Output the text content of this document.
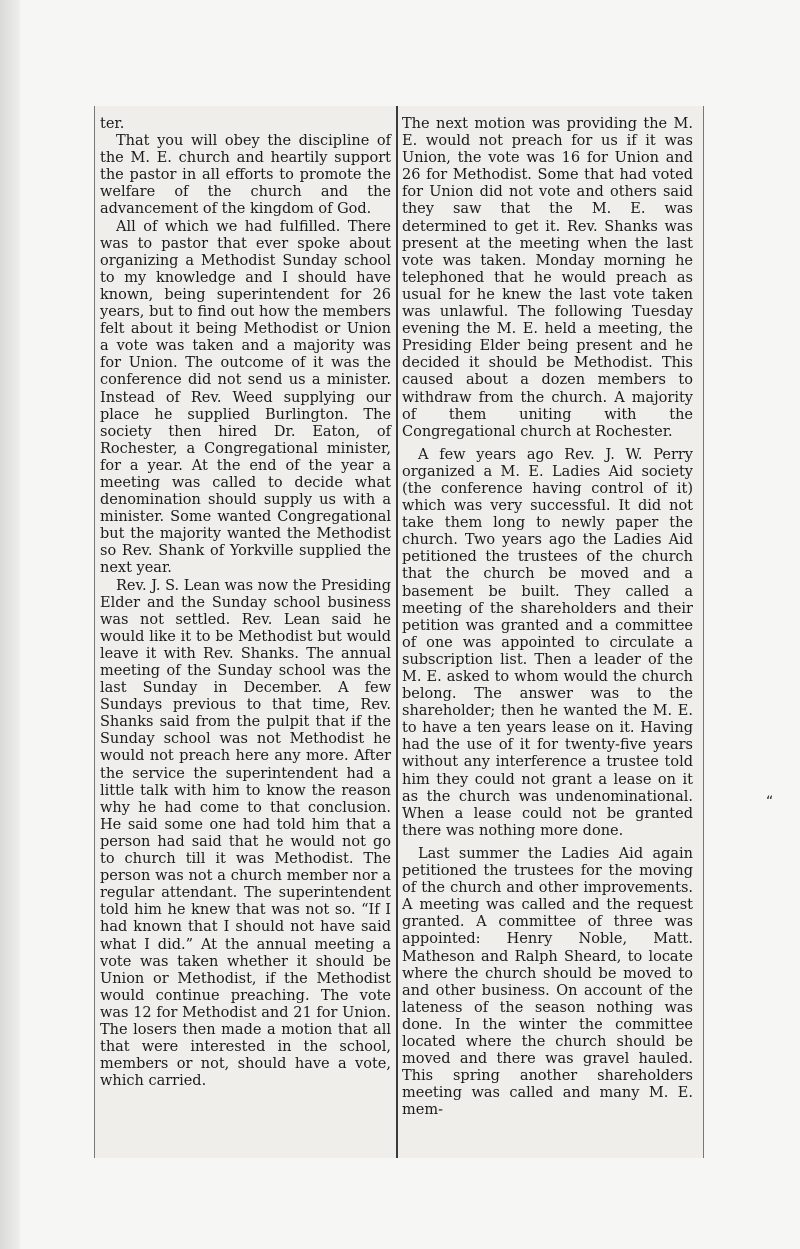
ter.

That you will obey the discipline of the M. E. church and heartily support the pastor in all efforts to promote the welfare of the church and the advancement of the kingdom of God.

All of which we had fulfilled. There was to pastor that ever spoke about organizing a Methodist Sunday school to my knowledge and I should have known, being superintendent for 26 years, but to find out how the members felt about it being Methodist or Union a vote was taken and a majority was for Union. The outcome of it was the conference did not send us a minister. Instead of Rev. Weed supplying our place he supplied Burlington. The society then hired Dr. Eaton, of Rochester, a Congregational minister, for a year. At the end of the year a meeting was called to decide what denomination should supply us with a minister. Some wanted Congregational but the majority wanted the Methodist so Rev. Shank of Yorkville supplied the next year.

Rev. J. S. Lean was now the Presiding Elder and the Sunday school business was not settled. Rev. Lean said he would like it to be Methodist but would leave it with Rev. Shanks. The annual meeting of the Sunday school was the last Sunday in December. A few Sundays previous to that time, Rev. Shanks said from the pulpit that if the Sunday school was not Methodist he would not preach here any more. After the service the superintendent had a little talk with him to know the reason why he had come to that conclusion. He said some one had told him that a person had said that he would not go to church till it was Methodist. The person was not a church member nor a regular attendant. The superintendent told him he knew that was not so. “If I had known that I should not have said what I did.” At the annual meeting a vote was taken whether it should be Union or Methodist, if the Methodist would continue preaching. The vote was 12 for Methodist and 21 for Union. The losers then made a motion that all that were interested in the school, members or not, should have a vote, which carried.

The next motion was providing the M. E. would not preach for us if it was Union, the vote was 16 for Union and 26 for Methodist. Some that had voted for Union did not vote and others said they saw that the M. E. was determined to get it. Rev. Shanks was present at the meeting when the last vote was taken. Monday morning he telephoned that he would preach as usual for he knew the last vote taken was unlawful. The following Tuesday evening the M. E. held a meeting, the Presiding Elder being present and he decided it should be Methodist. This caused about a dozen members to withdraw from the church. A majority of them uniting with the Congregational church at Rochester.

A few years ago Rev. J. W. Perry organized a M. E. Ladies Aid society (the conference having control of it) which was very successful. It did not take them long to newly paper the church. Two years ago the Ladies Aid petitioned the trustees of the church that the church be moved and a basement be built. They called a meeting of the shareholders and their petition was granted and a committee of one was appointed to circulate a subscription list. Then a leader of the M. E. asked to whom would the church belong. The answer was to the shareholder; then he wanted the M. E. to have a ten years lease on it. Having had the use of it for twenty-five years without any interference a trustee told him they could not grant a lease on it as the church was undenominational. When a lease could not be granted there was nothing more done.

Last summer the Ladies Aid again petitioned the trustees for the moving of the church and other improvements. A meeting was called and the request granted. A committee of three was appointed: Henry Noble, Matt. Matheson and Ralph Sheard, to locate where the church should be moved to and other business. On account of the lateness of the season nothing was done. In the winter the committee located where the church should be moved and there was gravel hauled. This spring another shareholders meeting was called and many M. E. mem-

“
